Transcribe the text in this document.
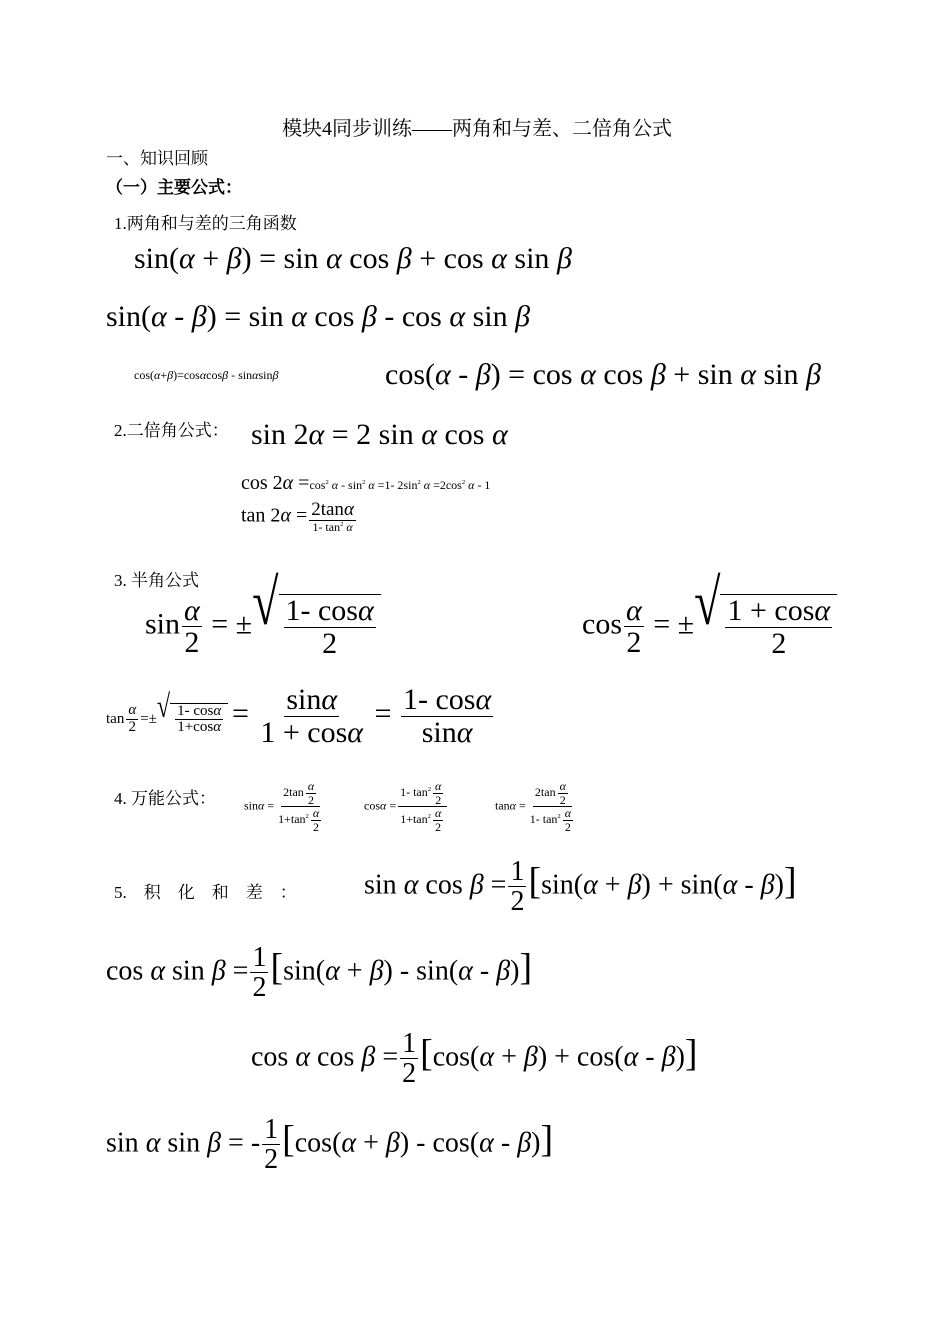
模块4同步训练——两角和与差、二倍角公式
一、知识回顾
（一）主要公式：
1.两角和与差的三角函数
sin(α + β) = sin α cos β + cos α sin β
sin(α - β) = sin α cos β - cos α sin β
cos(α+β)=cosαcosβ - sinαsinβ	cos(α - β) = cos α cos β + sin α sin β
2.二倍角公式： sin 2α = 2 sin α cos α
$\cos 2\alpha =\cos^2$ $\alpha - \sin^2 \alpha =1-$ $2\sin^2$ $\alpha =2\cos^2$ α - 1
$\tan 2\alpha = \frac{2\tan\alpha}{1- \tan^2 \alpha}$
3. 半角公式
$\sin \frac{\alpha}{2}$ = ± √ $\frac{1- \cos\alpha}{2}$	$\cos \frac{\alpha}{2}$ = ± √ $\frac{1 + \cos\alpha}{2}$
$\tan \frac{\alpha}{2}$ =± √ $\frac{1- \cos\alpha}{1+\cos\alpha} = \frac{\sin\alpha}{1 + \cos\alpha} = \frac{1- \cos\alpha}{\sin\alpha}$
4. 万能公式： $\sin\alpha = \frac{2\tan \frac{\alpha}{2}}{1+\tan^2 \frac{\alpha}{2}}$	$\cos\alpha = \frac{1- \tan^2 \frac{\alpha}{2}}{1+\tan^2 \frac{\alpha}{2}}$	$\tan\alpha = \frac{2\tan \frac{\alpha}{2}}{1- \tan^2 \frac{\alpha}{2}}$
5.　积　化　和　差　： sin α $\cos \beta = \frac{1}{2} [\sin(\alpha + \beta) + \sin(\alpha - \beta)]$
cos α $\sin \beta = \frac{1}{2} [\sin(\alpha + \beta) - \sin(\alpha - \beta)]$
cos α $\cos \beta = \frac{1}{2} [\cos(\alpha + \beta) + \cos(\alpha - \beta)]$
sin α sin β = - $\frac{1}{2} [\cos(\alpha + \beta) - \cos(\alpha - \beta)]$
